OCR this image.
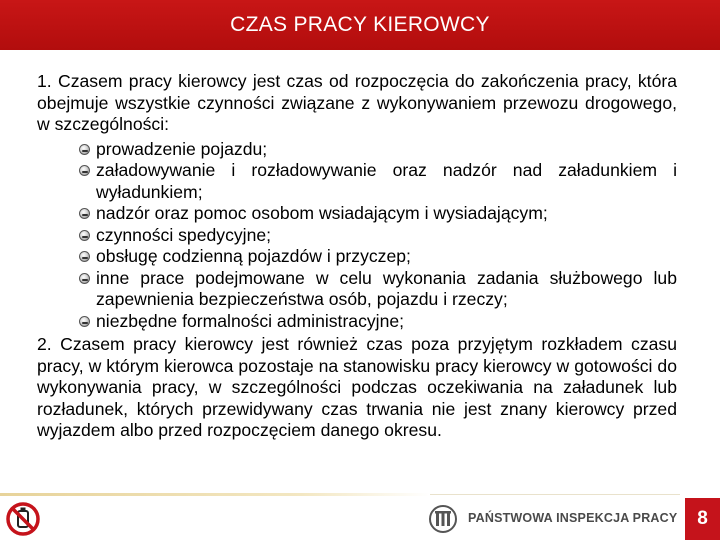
CZAS PRACY KIEROWCY

1. Czasem pracy kierowcy jest czas od rozpoczęcia do zakończenia pracy, która obejmuje wszystkie czynności związane z wykonywaniem przewozu drogowego, w szczególności:

prowadzenie pojazdu;
załadowywanie i rozładowywanie oraz nadzór nad załadunkiem i wyładunkiem;
nadzór oraz pomoc osobom wsiadającym i wysiadającym;
czynności spedycyjne;
obsługę codzienną pojazdów i przyczep;
inne prace podejmowane w celu wykonania zadania służbowego lub zapewnienia bezpieczeństwa osób, pojazdu i rzeczy;
niezbędne formalności administracyjne;

2. Czasem pracy kierowcy jest również czas poza przyjętym rozkładem czasu pracy, w którym kierowca pozostaje na stanowisku pracy kierowcy w gotowości do wykonywania pracy, w szczególności podczas oczekiwania na załadunek lub rozładunek, których przewidywany czas trwania nie jest znany kierowcy przed wyjazdem albo przed rozpoczęciem danego okresu.

PAŃSTWOWA INSPEKCJA PRACY 8
